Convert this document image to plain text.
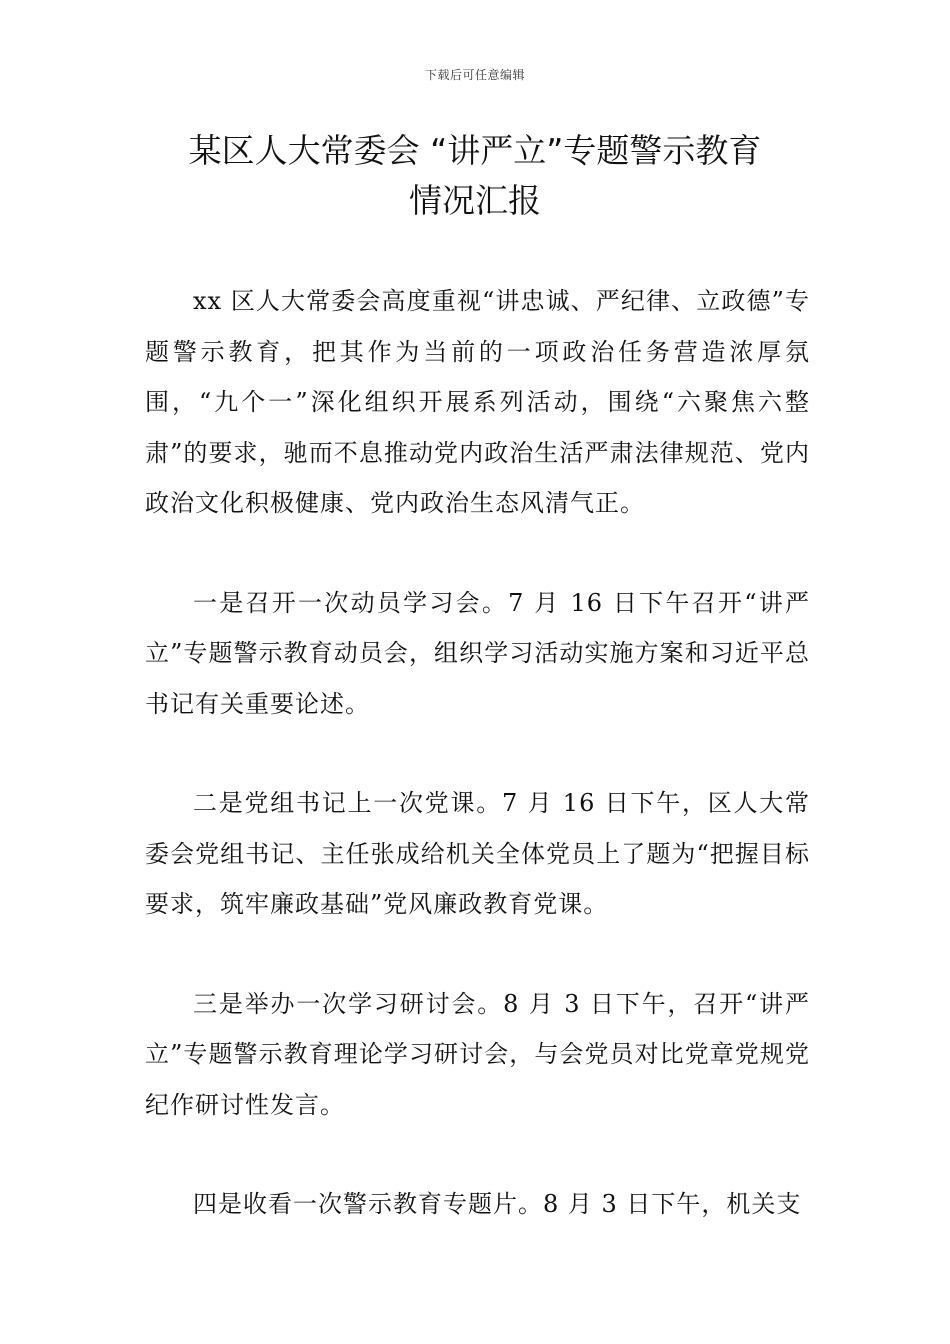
下载后可任意编辑
某区人大常委会 “讲严立”专题警示教育
情况汇报

xx 区人大常委会高度重视“讲忠诚、严纪律、立政德”专题警示教育，把其作为当前的一项政治任务营造浓厚氛围，“九个一”深化组织开展系列活动，围绕“六聚焦六整肃”的要求，驰而不息推动党内政治生活严肃法律规范、党内政治文化积极健康、党内政治生态风清气正。

一是召开一次动员学习会。7 月 16 日下午召开“讲严立”专题警示教育动员会，组织学习活动实施方案和习近平总书记有关重要论述。

二是党组书记上一次党课。7 月 16 日下午，区人大常委会党组书记、主任张成给机关全体党员上了题为“把握目标要求，筑牢廉政基础”党风廉政教育党课。

三是举办一次学习研讨会。8 月 3 日下午，召开“讲严立”专题警示教育理论学习研讨会，与会党员对比党章党规党纪作研讨性发言。

四是收看一次警示教育专题片。8 月 3 日下午，机关支
